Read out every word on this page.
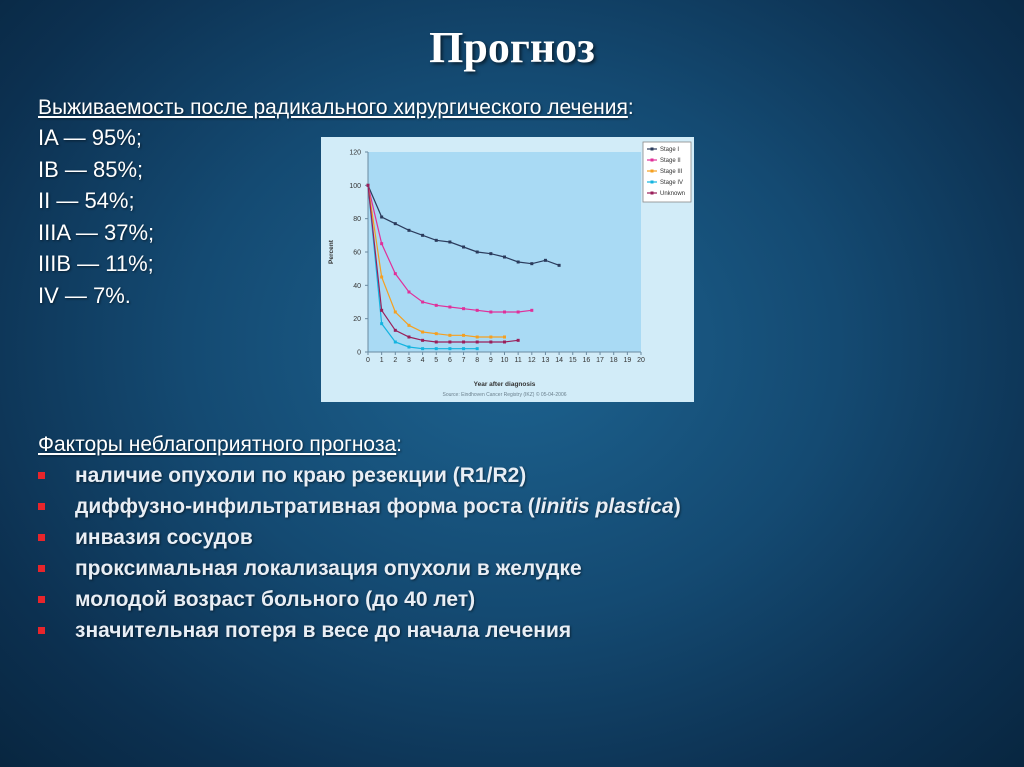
Прогноз
Выживаемость после радикального хирургического лечения:
IA — 95%;
IB — 85%;
II — 54%;
IIIA — 37%;
IIIB — 11%;
IV — 7%.
0
20
40
60
80
100
120
0 1 2 3 4 5 6 7 8 9 10 11 12 13 14 15 16 17 18 19 20
Year after diagnosis
Source: Eindhoven Cancer Registry (IKZ) © 05-04-2006
Percent
Stage I
Stage II
Stage III
Stage IV
Unknown
Факторы неблагоприятного прогноза:
наличие опухоли по краю резекции (R1/R2)
диффузно-инфильтративная форма роста (linitis plastica)
инвазия сосудов
проксимальная локализация опухоли в желудке
молодой возраст больного (до 40 лет)
значительная потеря в весе до начала лечения
